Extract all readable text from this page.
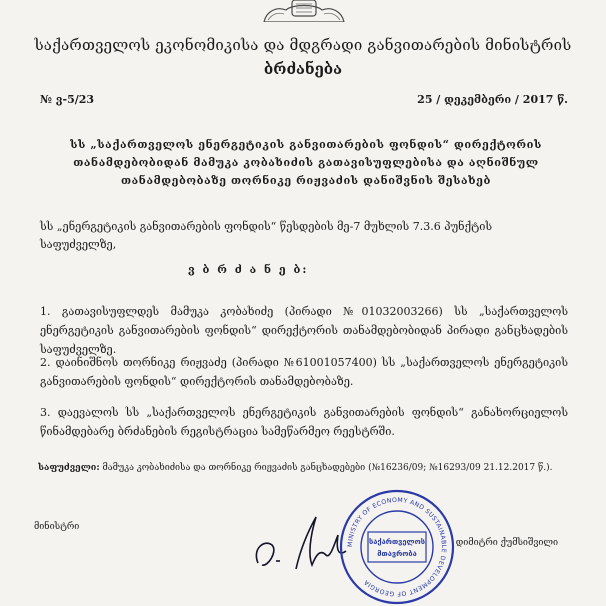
საქართველოს ეკონომიკისა და მდგრადი განვითარების მინისტრის
ბრძანება
№ ვ-5/23	25 / დეკემბერი / 2017 წ.
სს „საქართველოს ენერგეტიკის განვითარების ფონდის“ დირექტორის
თანამდებობიდან მამუკა კობახიძის გათავისუფლებისა და აღნიშნულ
თანამდებობაზე თორნიკე რიჟვაძის დანიშვნის შესახებ
სს „ენერგეტიკის განვითარების ფონდის“ წესდების მე-7 მუხლის 7.3.6 პუნქტის საფუძველზე,
ვ ბ რ ძ ა ნ ე ბ:
1. გათავისუფლდეს მამუკა კობახიძე (პირადი №01032003266) სს „საქართველოს ენერგეტიკის განვითარების ფონდის“ დირექტორის თანამდებობიდან პირადი განცხადების საფუძველზე.
2. დაინიშნოს თორნიკე რიჟვაძე (პირადი №61001057400) სს „საქართველოს ენერგეტიკის განვითარების ფონდის“ დირექტორის თანამდებობაზე.
3. დაევალოს სს „საქართველოს ენერგეტიკის განვითარების ფონდის“ განახორციელოს წინამდებარე ბრძანების რეგისტრაცია სამეწარმეო რეესტრში.
საფუძველი: მამუკა კობახიძისა და თორნიკე რიჟვაძის განცხადებები (№16236/09; №16293/09 21.12.2017 წ.).
მინისტრი
დიმიტრი ქუმსიშვილი
MINISTRY OF ECONOMY AND SUSTAINABLE DEVELOPMENT OF GEORGIA
საქართველოს
მთავრობა
